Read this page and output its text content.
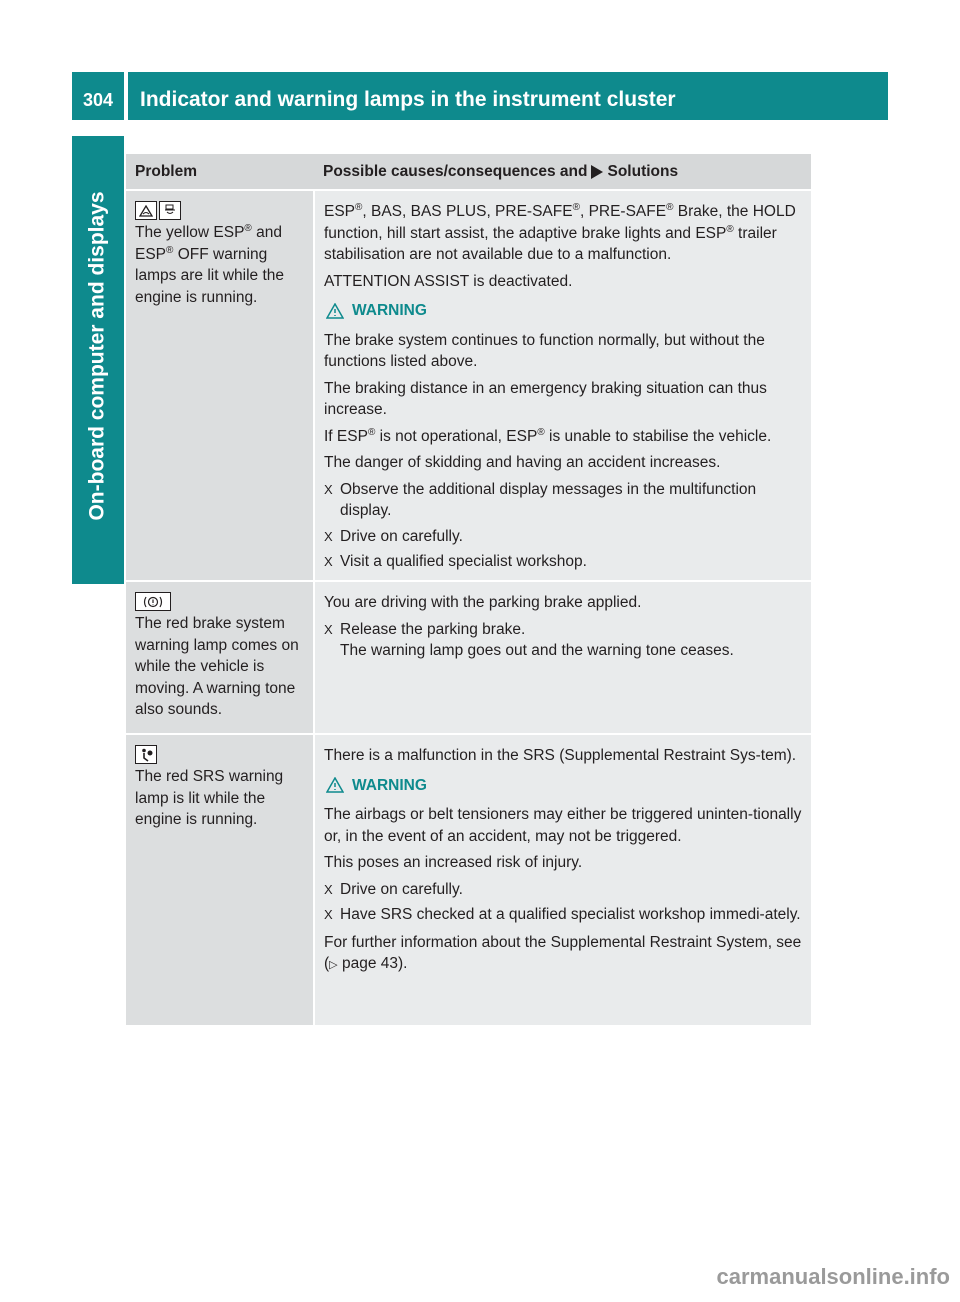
304	Indicator and warning lamps in the instrument cluster
On-board computer and displays
Problem	Possible causes/consequences and Solutions
The yellow ESP® and
ESP® OFF warning lamps are lit while the engine is running.

ESP®, BAS, BAS PLUS, PRE-SAFE®, PRE-SAFE® Brake, the HOLD function, hill start assist, the adaptive brake lights and ESP® trailer stabilisation are not available due to a malfunction.

ATTENTION ASSIST is deactivated.

WARNING

The brake system continues to function normally, but without the functions listed above.

The braking distance in an emergency braking situation can thus increase.

If ESP® is not operational, ESP® is unable to stabilise the vehicle.

The danger of skidding and having an accident increases.

X Observe the additional display messages in the multifunction display.
X Drive on carefully.
X Visit a qualified specialist workshop.
The red brake system warning lamp comes on while the vehicle is moving. A warning tone also sounds.

You are driving with the parking brake applied.

X Release the parking brake.
The warning lamp goes out and the warning tone ceases.
The red SRS warning lamp is lit while the engine is running.

There is a malfunction in the SRS (Supplemental Restraint Sys-tem).

WARNING

The airbags or belt tensioners may either be triggered uninten-tionally or, in the event of an accident, may not be triggered.

This poses an increased risk of injury.

X Drive on carefully.
X Have SRS checked at a qualified specialist workshop immedi-ately.

For further information about the Supplemental Restraint System, see (▷ page 43).

carmanualsonline.info
